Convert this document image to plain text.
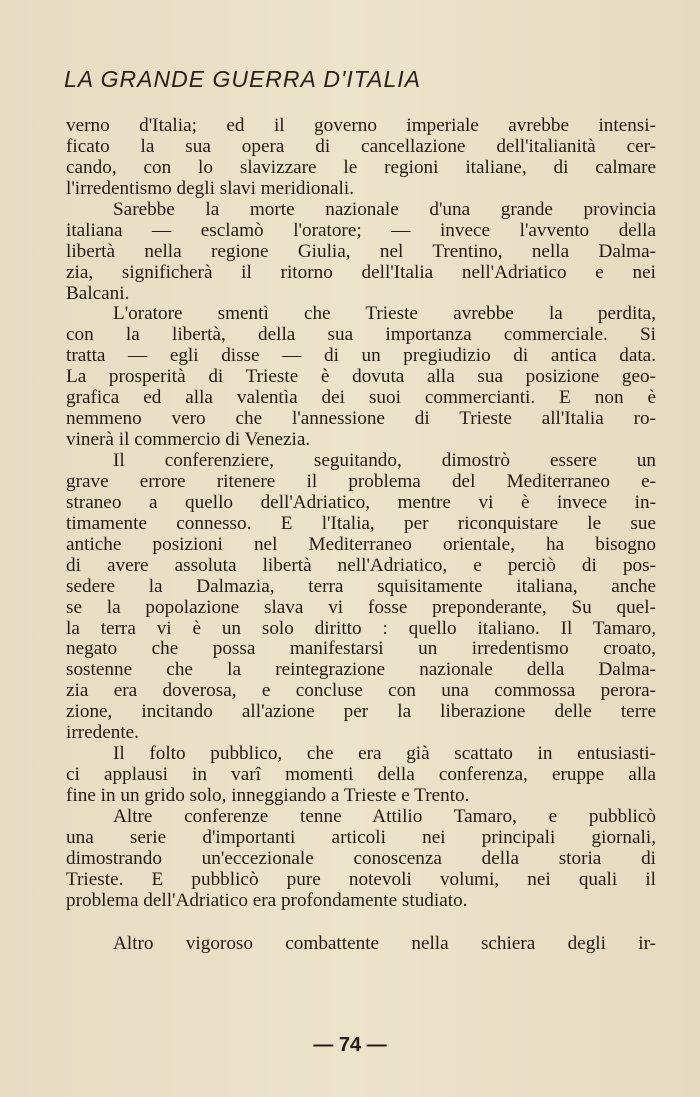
LA GRANDE GUERRA D'ITALIA
verno d'Italia; ed il governo imperiale avrebbe intensi-
ficato la sua opera di cancellazione dell'italianità cer-
cando, con lo slavizzare le regioni italiane, di calmare
l'irredentismo degli slavi meridionali.
Sarebbe la morte nazionale d'una grande provincia
italiana — esclamò l'oratore; — invece l'avvento della
libertà nella regione Giulia, nel Trentino, nella Dalma-
zia, significherà il ritorno dell'Italia nell'Adriatico e nei
Balcani.
L'oratore smentì che Trieste avrebbe la perdita,
con la libertà, della sua importanza commerciale. Si
tratta — egli disse — di un pregiudizio di antica data.
La prosperità di Trieste è dovuta alla sua posizione geo-
grafica ed alla valentìa dei suoi commercianti. E non è
nemmeno vero che l'annessione di Trieste all'Italia ro-
vinerà il commercio di Venezia.
Il conferenziere, seguitando, dimostrò essere un
grave errore ritenere il problema del Mediterraneo e-
straneo a quello dell'Adriatico, mentre vi è invece in-
timamente connesso. E l'Italia, per riconquistare le sue
antiche posizioni nel Mediterraneo orientale, ha bisogno
di avere assoluta libertà nell'Adriatico, e perciò di pos-
sedere la Dalmazia, terra squisitamente italiana, anche
se la popolazione slava vi fosse preponderante, Su quel-
la terra vi è un solo diritto : quello italiano. Il Tamaro,
negato che possa manifestarsi un irredentismo croato,
sostenne che la reintegrazione nazionale della Dalma-
zia era doverosa, e concluse con una commossa perora-
zione, incitando all'azione per la liberazione delle terre
irredente.
Il folto pubblico, che era già scattato in entusiasti-
ci applausi in varî momenti della conferenza, eruppe alla
fine in un grido solo, inneggiando a Trieste e Trento.
Altre conferenze tenne Attilio Tamaro, e pubblicò
una serie d'importanti articoli nei principali giornali,
dimostrando un'eccezionale conoscenza della storia di
Trieste. E pubblicò pure notevoli volumi, nei quali il
problema dell'Adriatico era profondamente studiato.
Altro vigoroso combattente nella schiera degli ir-
— 74 —
